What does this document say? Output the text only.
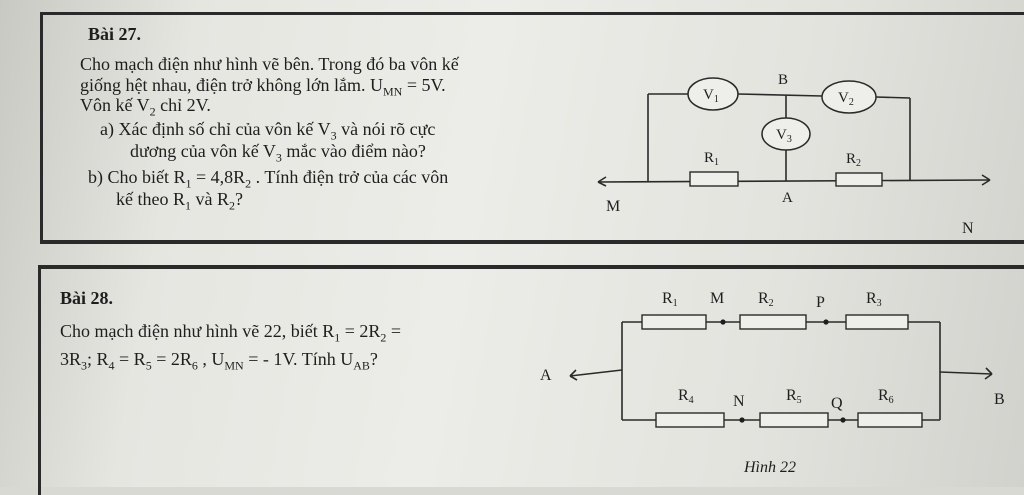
Bài 27.
Cho mạch điện như hình vẽ bên. Trong đó ba vôn kế
giống hệt nhau, điện trở không lớn lắm. $U_{MN} = 5V$.
Vôn kế $V_2$ chỉ 2V.
a) Xác định số chỉ của vôn kế $V_3$ và nói rõ cực
dương của vôn kế $V_3$ mắc vào điểm nào?
b) Cho biết $R_1 = 4,8R_2$ . Tính điện trở của các vôn
kế theo $R_1$ và $R_2$?
Bài 28.
Cho mạch điện như hình vẽ 22, biết $R_1 = 2R_2$ =
$3R_3$; $R_4 = R_5 = 2R_6$ , $U_{MN}$ = - 1V. Tính $U_{AB}$?
$V_1$	$V_2$
$V_3$
$R_1$	$R_2$
B
A
M
N
R1 M R2	P	R3
R4 N	R5 Q R6
A
B
Hình 22
